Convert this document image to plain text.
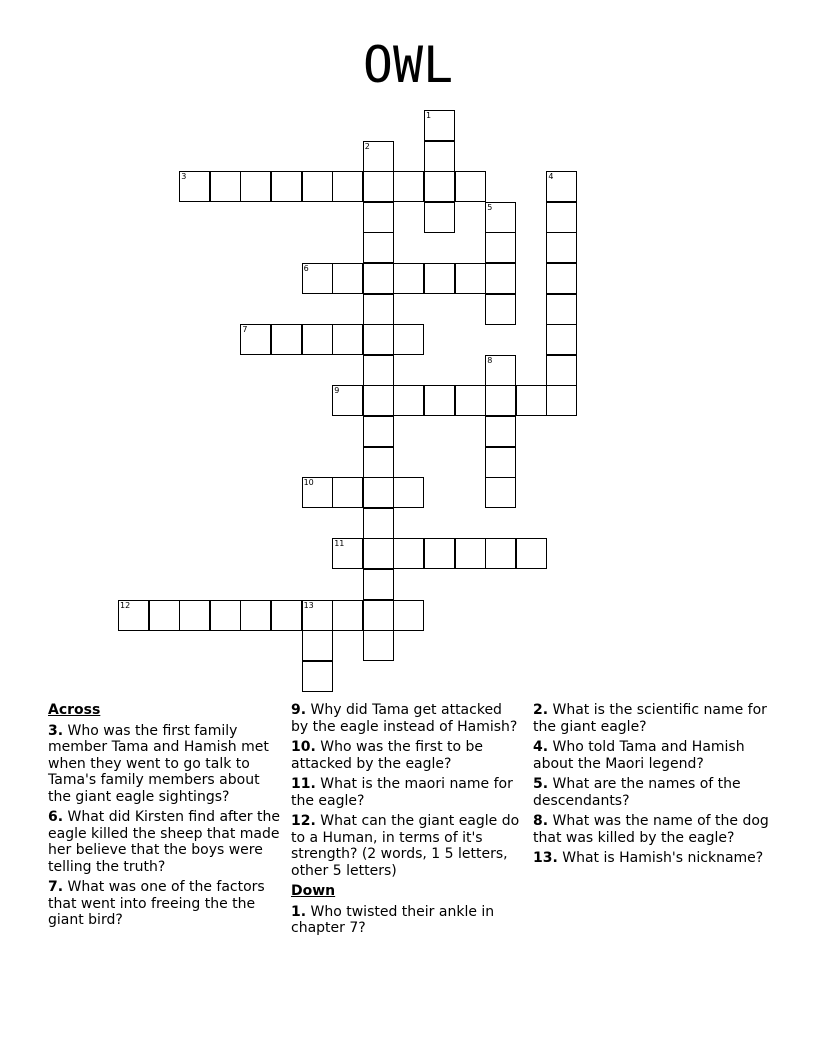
OWL
1
2
3	4
5
6
7
8
9
10
11
12	13
Across
3. Who was the first family member Tama and Hamish met when they went to go talk to Tama's family members about the giant eagle sightings?
6. What did Kirsten find after the eagle killed the sheep that made her believe that the boys were telling the truth?
7. What was one of the factors that went into freeing the the giant bird?
9. Why did Tama get attacked by the eagle instead of Hamish?
10. Who was the first to be attacked by the eagle?
11. What is the maori name for the eagle?
12. What can the giant eagle do to a Human, in terms of it's strength? (2 words, 1 5 letters, other 5 letters)
Down
1. Who twisted their ankle in chapter 7?
2. What is the scientific name for the giant eagle?
4. Who told Tama and Hamish about the Maori legend?
5. What are the names of the descendants?
8. What was the name of the dog that was killed by the eagle?
13. What is Hamish's nickname?
